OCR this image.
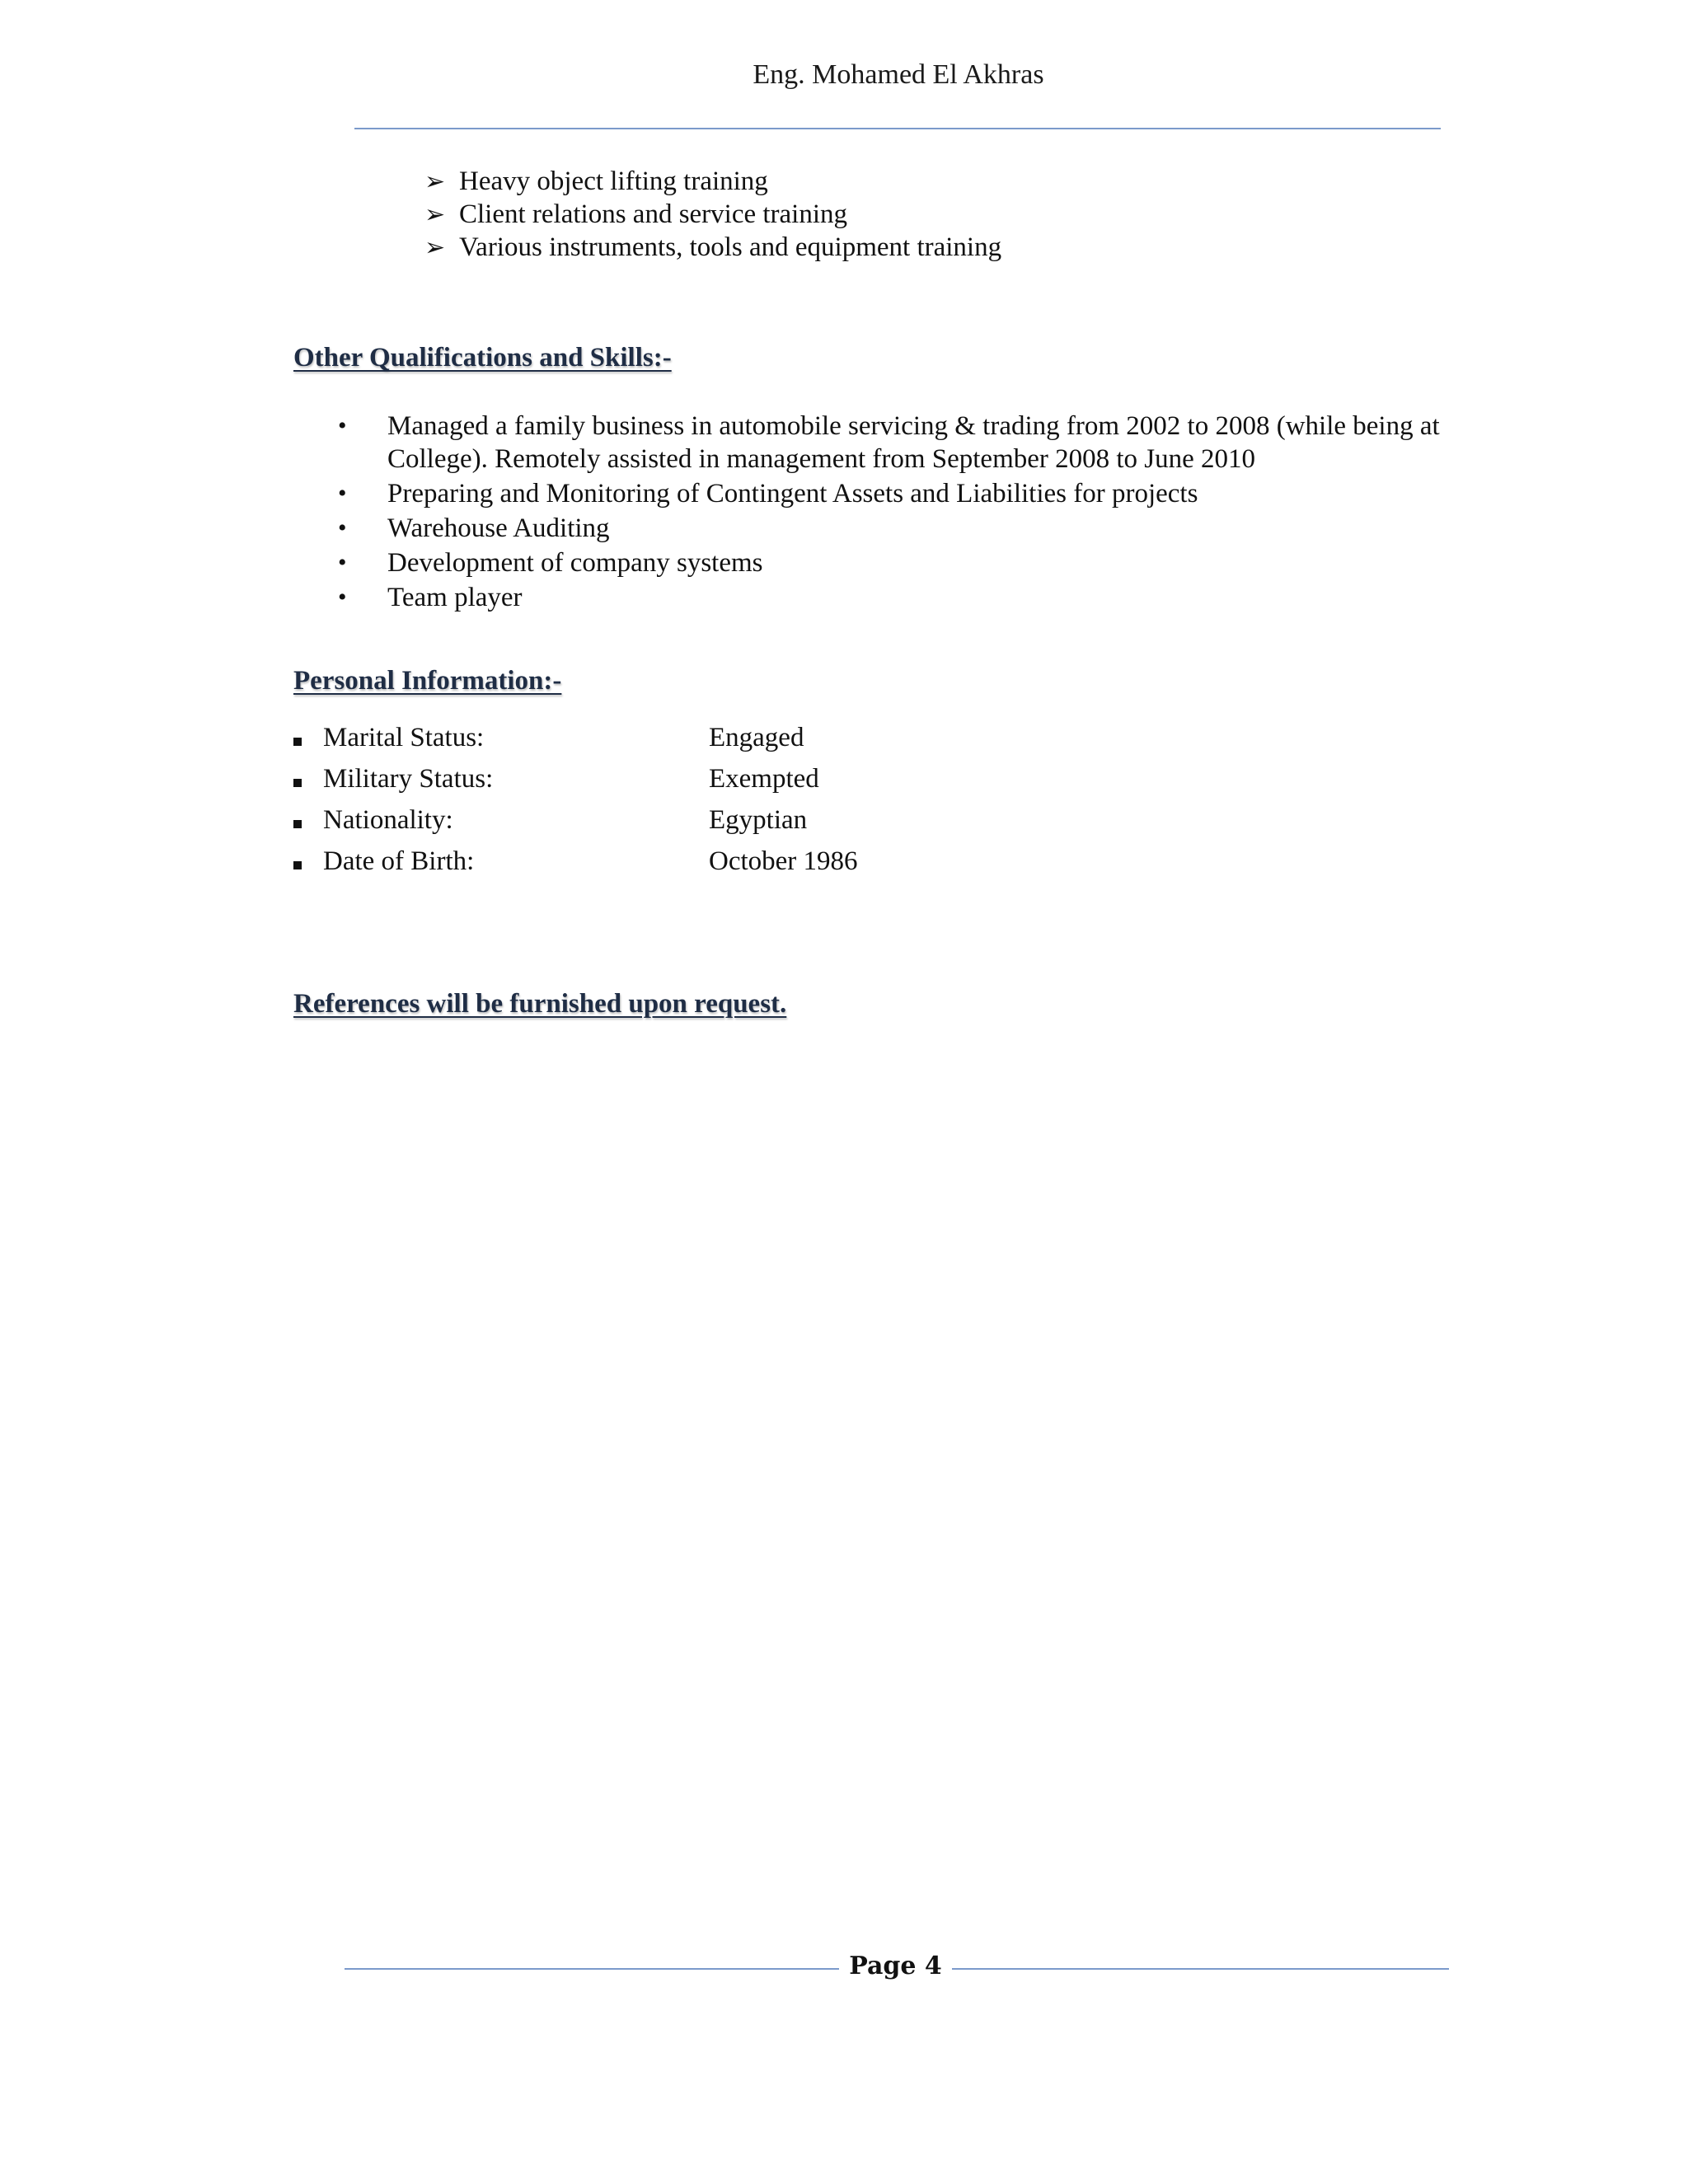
Eng. Mohamed El Akhras
➢ Heavy object lifting training
➢ Client relations and service training
➢ Various instruments, tools and equipment training
Other Qualifications and Skills:-
•	Managed a family business in automobile servicing & trading from 2002 to 2008 (while being at College). Remotely assisted in management from September 2008 to June 2010
•	Preparing and Monitoring of Contingent Assets and Liabilities for projects
•	Warehouse Auditing
•	Development of company systems
•	Team player
Personal Information:-
Marital Status:	Engaged
Military Status:	Exempted
Nationality:	Egyptian
Date of Birth:	October 1986
References will be furnished upon request.
Page 4
